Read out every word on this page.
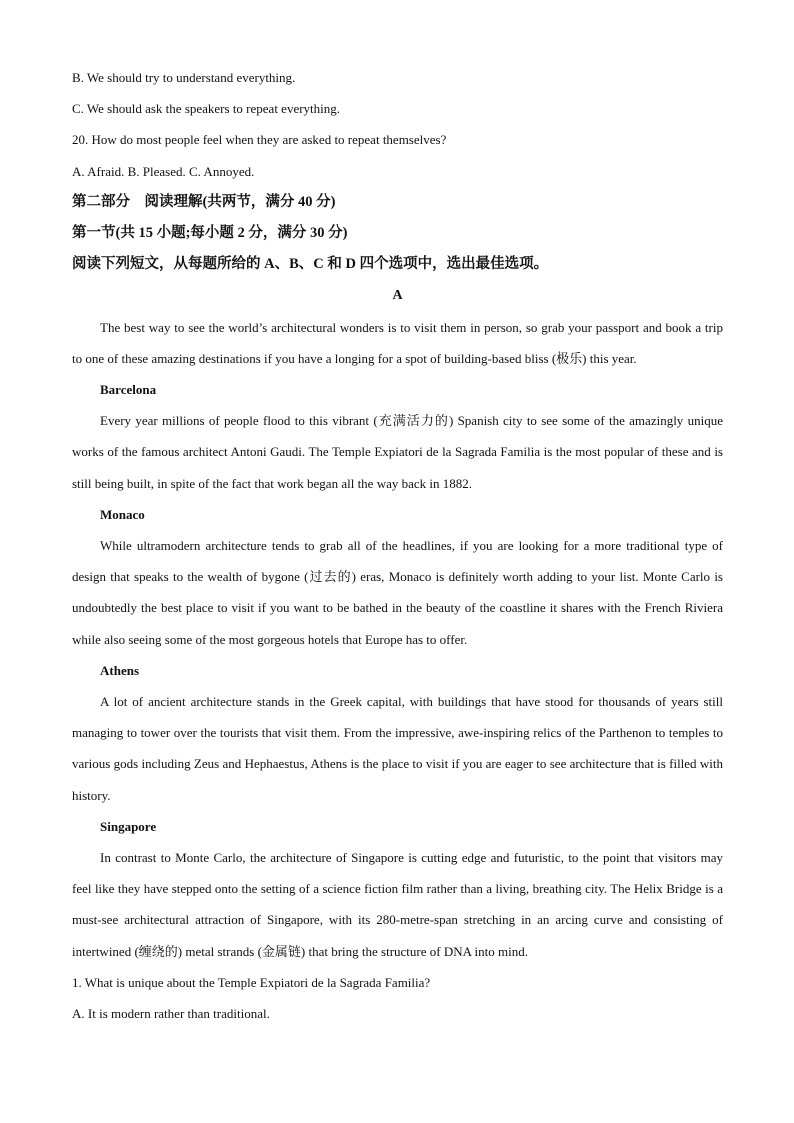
B. We should try to understand everything.

C. We should ask the speakers to repeat everything.

20. How do most people feel when they are asked to repeat themselves?

A. Afraid. B. Pleased. C. Annoyed.

第二部分　阅读理解(共两节，满分 40 分)

第一节(共 15 小题;每小题 2 分，满分 30 分)

阅读下列短文，从每题所给的 A、B、C 和 D 四个选项中，选出最佳选项。

A

The best way to see the world’s architectural wonders is to visit them in person, so grab your passport and book a trip to one of these amazing destinations if you have a longing for a spot of building-based bliss (极乐) this year.

Barcelona

Every year millions of people flood to this vibrant (充满活力的) Spanish city to see some of the amazingly unique works of the famous architect Antoni Gaudi. The Temple Expiatori de la Sagrada Familia is the most popular of these and is still being built, in spite of the fact that work began all the way back in 1882.

Monaco

While ultramodern architecture tends to grab all of the headlines, if you are looking for a more traditional type of design that speaks to the wealth of bygone (过去的) eras, Monaco is definitely worth adding to your list. Monte Carlo is undoubtedly the best place to visit if you want to be bathed in the beauty of the coastline it shares with the French Riviera while also seeing some of the most gorgeous hotels that Europe has to offer.

Athens

A lot of ancient architecture stands in the Greek capital, with buildings that have stood for thousands of years still managing to tower over the tourists that visit them. From the impressive, awe-inspiring relics of the Parthenon to temples to various gods including Zeus and Hephaestus, Athens is the place to visit if you are eager to see architecture that is filled with history.

Singapore

In contrast to Monte Carlo, the architecture of Singapore is cutting edge and futuristic, to the point that visitors may feel like they have stepped onto the setting of a science fiction film rather than a living, breathing city. The Helix Bridge is a must-see architectural attraction of Singapore, with its 280-metre-span stretching in an arcing curve and consisting of intertwined (缠绕的) metal strands (金属链) that bring the structure of DNA into mind.

1. What is unique about the Temple Expiatori de la Sagrada Familia?

A. It is modern rather than traditional.
